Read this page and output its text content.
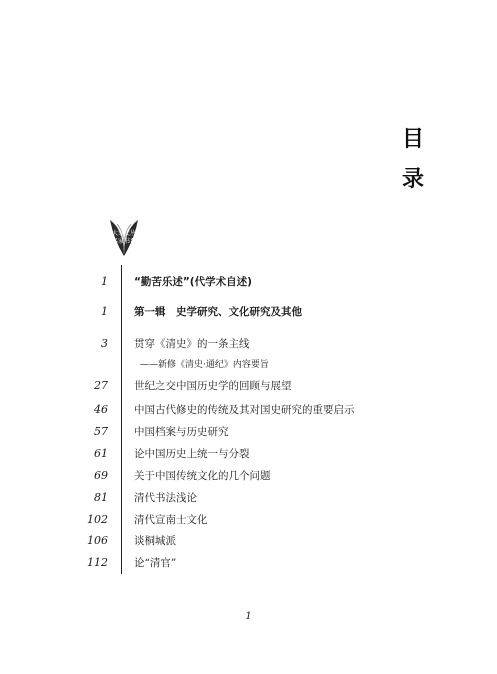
目
录
大家文丛
名家书系
1 “勤苦乐述”(代学术自述)
1 第一辑　史学研究、文化研究及其他
3 贯穿《清史》的一条主线
——新修《清史·通纪》内容要旨
27 世纪之交中国历史学的回顾与展望
46 中国古代修史的传统及其对国史研究的重要启示
57 中国档案与历史研究
61 论中国历史上统一与分裂
69 关于中国传统文化的几个问题
81 清代书法浅论
102 清代宣南士文化
106 谈桐城派
112 论“清官”
1
